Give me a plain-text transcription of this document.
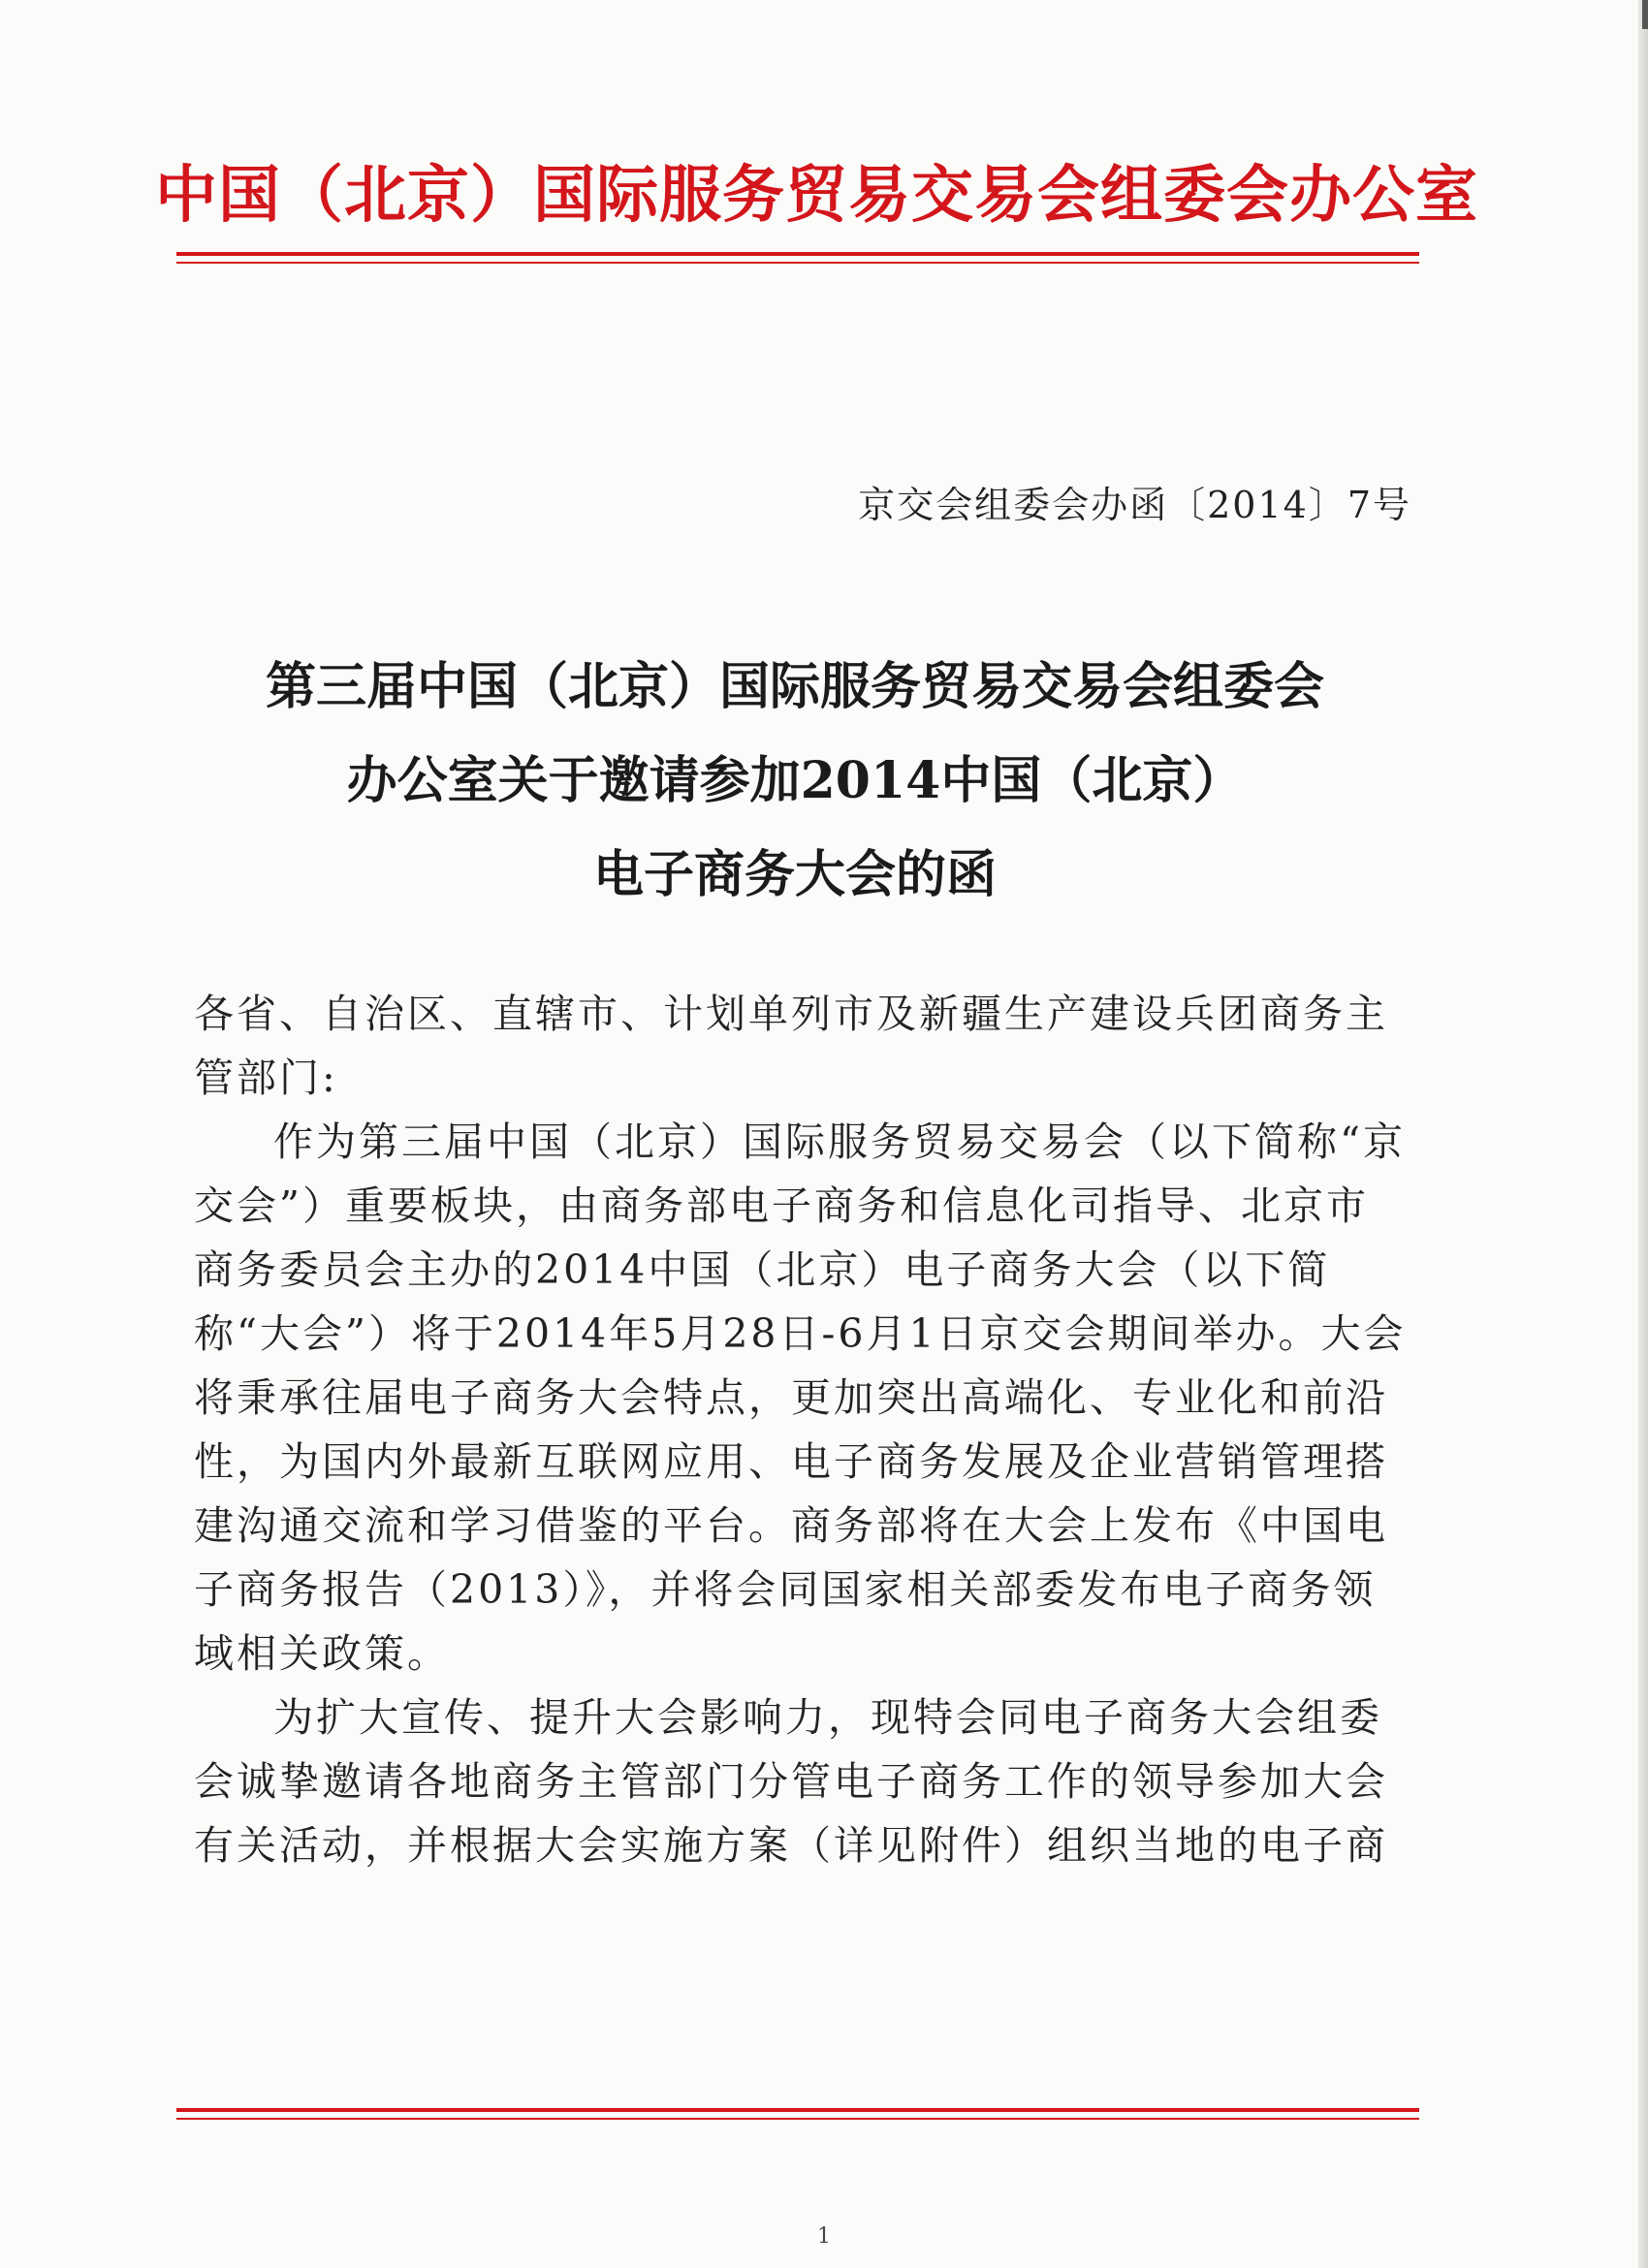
中国（北京）国际服务贸易交易会组委会办公室
京交会组委会办函〔2014〕7号
第三届中国（北京）国际服务贸易交易会组委会
办公室关于邀请参加2014中国（北京）
电子商务大会的函

各省、自治区、直辖市、计划单列市及新疆生产建设兵团商务主管部门:

作为第三届中国（北京）国际服务贸易交易会（以下简称“京交会”）重要板块，由商务部电子商务和信息化司指导、北京市商务委员会主办的2014中国（北京）电子商务大会（以下简称“大会”）将于2014年5月28日-6月1日京交会期间举办。大会将秉承往届电子商务大会特点，更加突出高端化、专业化和前沿性，为国内外最新互联网应用、电子商务发展及企业营销管理搭建沟通交流和学习借鉴的平台。商务部将在大会上发布《中国电子商务报告（2013）》，并将会同国家相关部委发布电子商务领域相关政策。

为扩大宣传、提升大会影响力，现特会同电子商务大会组委会诚挚邀请各地商务主管部门分管电子商务工作的领导参加大会有关活动，并根据大会实施方案（详见附件）组织当地的电子商

1
